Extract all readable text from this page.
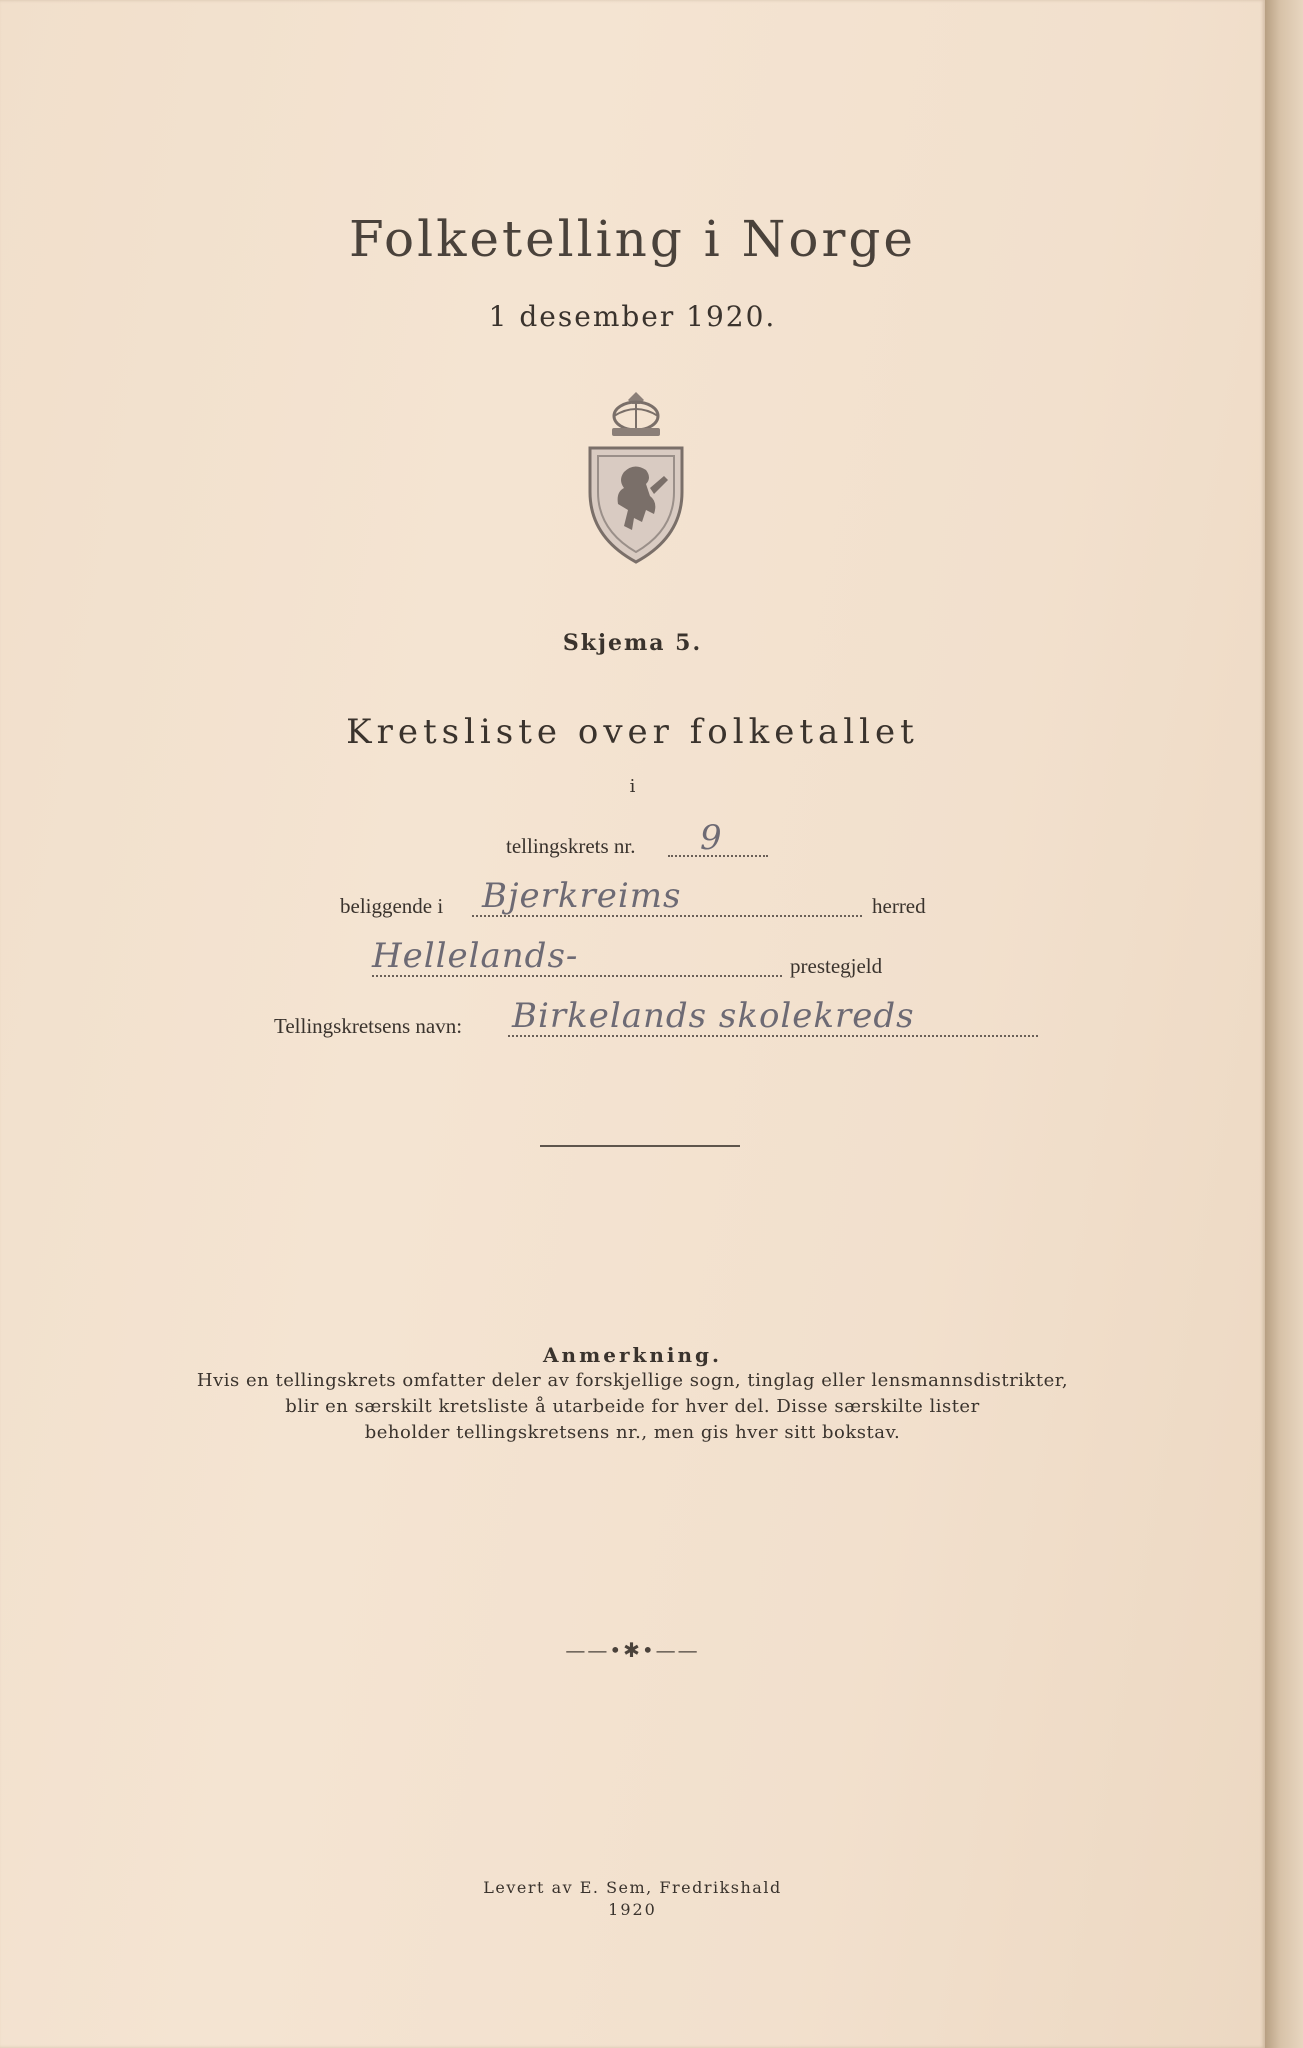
Folketelling i Norge
1 desember 1920.
Skjema 5.
Kretsliste over folketallet
i
tellingskrets nr. 9
beliggende i Bjerkreims	herred
Hellelands-	prestegjeld
Tellingskretsens navn: Birkelands skolekreds
Anmerkning.
Hvis en tellingskrets omfatter deler av forskjellige sogn, tinglag eller lensmannsdistrikter,
blir en særskilt kretsliste å utarbeide for hver del. Disse særskilte lister
beholder tellingskretsens nr., men gis hver sitt bokstav.
——•✱•——
Levert av E. Sem, Fredrikshald
1920
